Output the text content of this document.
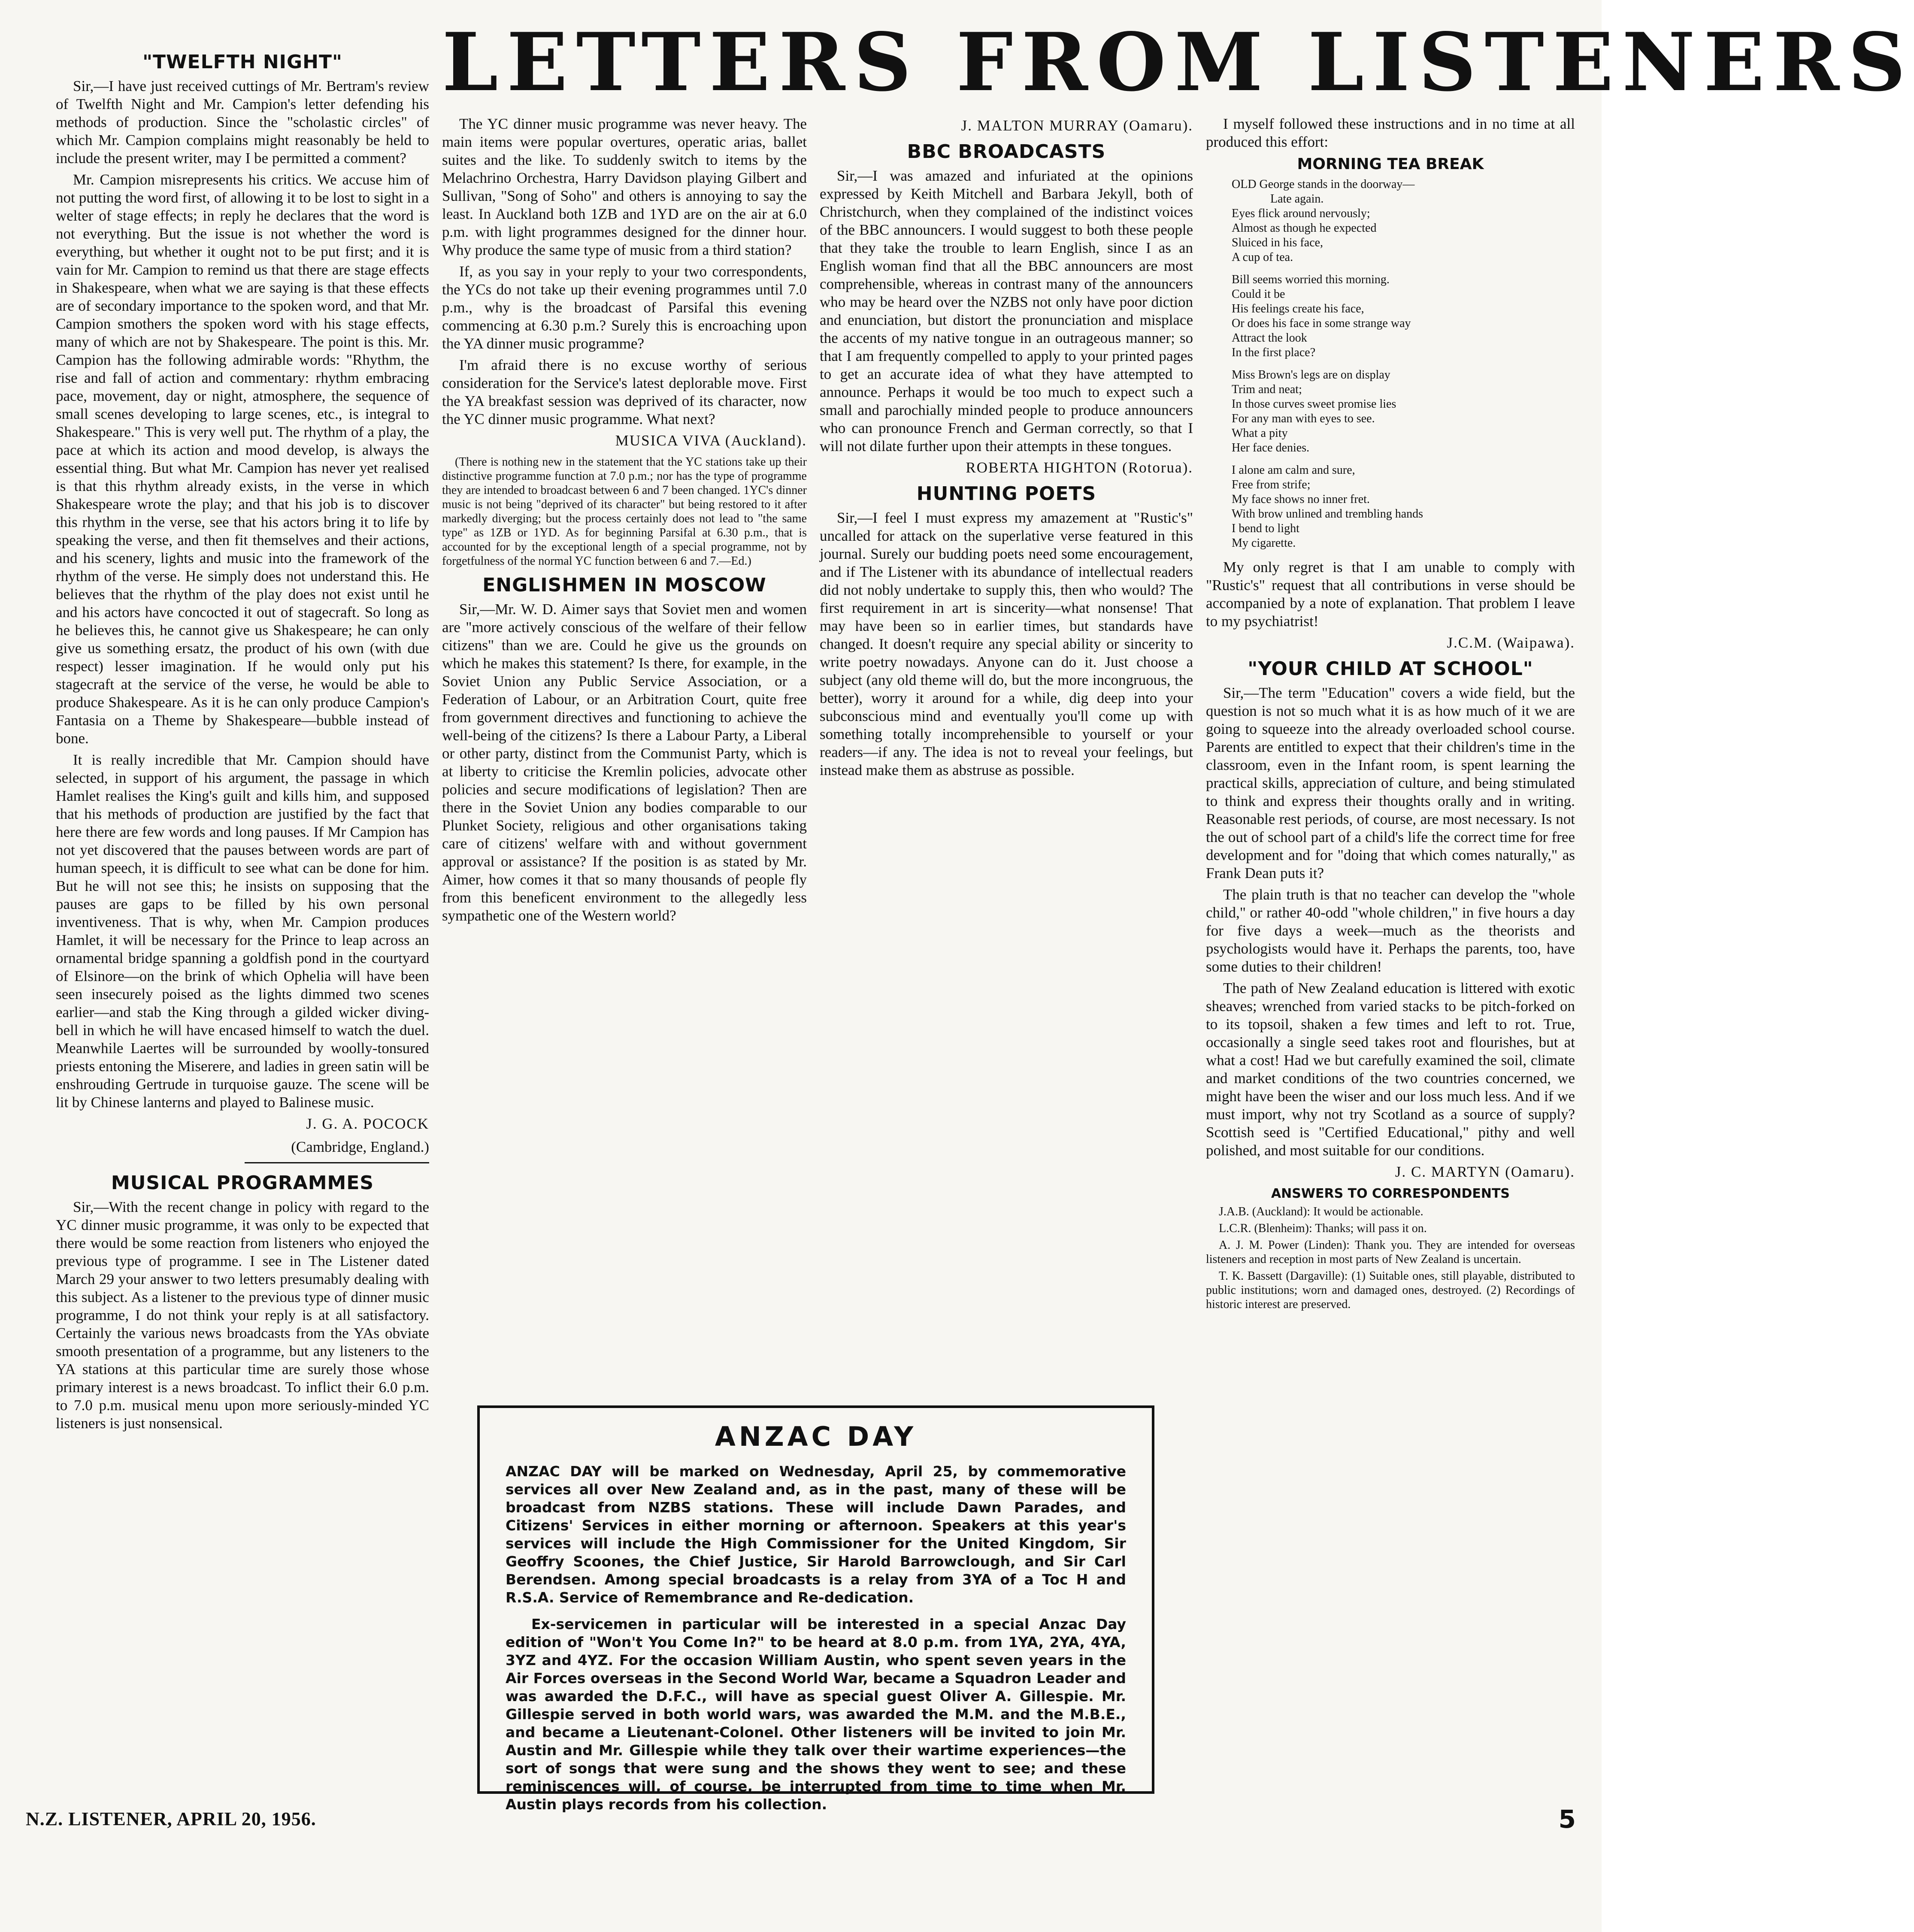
LETTERS FROM LISTENERS
"TWELFTH NIGHT"

Sir,—I have just received cuttings of Mr. Bertram's review of Twelfth Night and Mr. Campion's letter defending his methods of production. Since the "scholastic circles" of which Mr. Campion complains might reasonably be held to include the present writer, may I be permitted a comment?

Mr. Campion misrepresents his critics. We accuse him of not putting the word first, of allowing it to be lost to sight in a welter of stage effects; in reply he declares that the word is not everything. But the issue is not whether the word is everything, but whether it ought not to be put first; and it is vain for Mr. Campion to remind us that there are stage effects in Shakespeare, when what we are saying is that these effects are of secondary importance to the spoken word, and that Mr. Campion smothers the spoken word with his stage effects, many of which are not by Shakespeare. The point is this. Mr. Campion has the following admirable words: "Rhythm, the rise and fall of action and commentary: rhythm embracing pace, movement, day or night, atmosphere, the sequence of small scenes developing to large scenes, etc., is integral to Shakespeare." This is very well put. The rhythm of a play, the pace at which its action and mood develop, is always the essential thing. But what Mr. Campion has never yet realised is that this rhythm already exists, in the verse in which Shakespeare wrote the play; and that his job is to discover this rhythm in the verse, see that his actors bring it to life by speaking the verse, and then fit themselves and their actions, and his scenery, lights and music into the framework of the rhythm of the verse. He simply does not understand this. He believes that the rhythm of the play does not exist until he and his actors have concocted it out of stagecraft. So long as he believes this, he cannot give us Shakespeare; he can only give us something ersatz, the product of his own (with due respect) lesser imagination. If he would only put his stagecraft at the service of the verse, he would be able to produce Shakespeare. As it is he can only produce Campion's Fantasia on a Theme by Shakespeare—bubble instead of bone.

It is really incredible that Mr. Campion should have selected, in support of his argument, the passage in which Hamlet realises the King's guilt and kills him, and supposed that his methods of production are justified by the fact that here there are few words and long pauses. If Mr Campion has not yet discovered that the pauses between words are part of human speech, it is difficult to see what can be done for him. But he will not see this; he insists on supposing that the pauses are gaps to be filled by his own personal inventiveness. That is why, when Mr. Campion produces Hamlet, it will be necessary for the Prince to leap across an ornamental bridge spanning a goldfish pond in the courtyard of Elsinore—on the brink of which Ophelia will have been seen insecurely poised as the lights dimmed two scenes earlier—and stab the King through a gilded wicker diving-bell in which he will have encased himself to watch the duel. Meanwhile Laertes will be surrounded by woolly-tonsured priests entoning the Miserere, and ladies in green satin will be enshrouding Gertrude in turquoise gauze. The scene will be lit by Chinese lanterns and played to Balinese music.

J. G. A. POCOCK
(Cambridge, England.)
MUSICAL PROGRAMMES

Sir,—With the recent change in policy with regard to the YC dinner music programme, it was only to be expected that there would be some reaction from listeners who enjoyed the previous type of programme. I see in The Listener dated March 29 your answer to two letters presumably dealing with this subject. As a listener to the previous type of dinner music programme, I do not think your reply is at all satisfactory. Certainly the various news broadcasts from the YAs obviate smooth presentation of a programme, but any listeners to the YA stations at this particular time are surely those whose primary interest is a news broadcast. To inflict their 6.0 p.m. to 7.0 p.m. musical menu upon more seriously-minded YC listeners is just nonsensical.

The YC dinner music programme was never heavy. The main items were popular overtures, operatic arias, ballet suites and the like. To suddenly switch to items by the Melachrino Orchestra, Harry Davidson playing Gilbert and Sullivan, "Song of Soho" and others is annoying to say the least. In Auckland both 1ZB and 1YD are on the air at 6.0 p.m. with light programmes designed for the dinner hour. Why produce the same type of music from a third station?

If, as you say in your reply to your two correspondents, the YCs do not take up their evening programmes until 7.0 p.m., why is the broadcast of Parsifal this evening commencing at 6.30 p.m.? Surely this is encroaching upon the YA dinner music programme?

I'm afraid there is no excuse worthy of serious consideration for the Service's latest deplorable move. First the YA breakfast session was deprived of its character, now the YC dinner music programme. What next?

MUSICA VIVA (Auckland).

(There is nothing new in the statement that the YC stations take up their distinctive programme function at 7.0 p.m.; nor has the type of programme they are intended to broadcast between 6 and 7 been changed. 1YC's dinner music is not being "deprived of its character" but being restored to it after markedly diverging; but the process certainly does not lead to "the same type" as 1ZB or 1YD. As for beginning Parsifal at 6.30 p.m., that is accounted for by the exceptional length of a special programme, not by forgetfulness of the normal YC function between 6 and 7.—Ed.)

ENGLISHMEN IN MOSCOW

Sir,—Mr. W. D. Aimer says that Soviet men and women are "more actively conscious of the welfare of their fellow citizens" than we are. Could he give us the grounds on which he makes this statement? Is there, for example, in the Soviet Union any Public Service Association, or a Federation of Labour, or an Arbitration Court, quite free from government directives and functioning to achieve the well-being of the citizens? Is there a Labour Party, a Liberal or other party, distinct from the Communist Party, which is at liberty to criticise the Kremlin policies, advocate other policies and secure modifications of legislation? Then are there in the Soviet Union any bodies comparable to our Plunket Society, religious and other organisations taking care of citizens' welfare with and without government approval or assistance? If the position is as stated by Mr. Aimer, how comes it that so many thousands of people fly from this beneficent environment to the allegedly less sympathetic one of the Western world?

J. MALTON MURRAY (Oamaru).
BBC BROADCASTS

Sir,—I was amazed and infuriated at the opinions expressed by Keith Mitchell and Barbara Jekyll, both of Christchurch, when they complained of the indistinct voices of the BBC announcers. I would suggest to both these people that they take the trouble to learn English, since I as an English woman find that all the BBC announcers are most comprehensible, whereas in contrast many of the announcers who may be heard over the NZBS not only have poor diction and enunciation, but distort the pronunciation and misplace the accents of my native tongue in an outrageous manner; so that I am frequently compelled to apply to your printed pages to get an accurate idea of what they have attempted to announce. Perhaps it would be too much to expect such a small and parochially minded people to produce announcers who can pronounce French and German correctly, so that I will not dilate further upon their attempts in these tongues.

ROBERTA HIGHTON (Rotorua).
HUNTING POETS

Sir,—I feel I must express my amazement at "Rustic's" uncalled for attack on the superlative verse featured in this journal. Surely our budding poets need some encouragement, and if The Listener with its abundance of intellectual readers did not nobly undertake to supply this, then who would? The first requirement in art is sincerity—what nonsense! That may have been so in earlier times, but standards have changed. It doesn't require any special ability or sincerity to write poetry nowadays. Anyone can do it. Just choose a subject (any old theme will do, but the more incongruous, the better), worry it around for a while, dig deep into your subconscious mind and eventually you'll come up with something totally incomprehensible to yourself or your readers—if any. The idea is not to reveal your feelings, but instead make them as abstruse as possible.

I myself followed these instructions and in no time at all produced this effort:

MORNING TEA BREAK
OLD George stands in the doorway—
Late again.
Eyes flick around nervously;
Almost as though he expected
Sluiced in his face,
A cup of tea.
Bill seems worried this morning.
Could it be
His feelings create his face,
Or does his face in some strange way
Attract the look
In the first place?
Miss Brown's legs are on display
Trim and neat;
In those curves sweet promise lies
For any man with eyes to see.
What a pity
Her face denies.
I alone am calm and sure,
Free from strife;
My face shows no inner fret.
With brow unlined and trembling hands
I bend to light
My cigarette.

My only regret is that I am unable to comply with "Rustic's" request that all contributions in verse should be accompanied by a note of explanation. That problem I leave to my psychiatrist!

J.C.M. (Waipawa).
"YOUR CHILD AT SCHOOL"

Sir,—The term "Education" covers a wide field, but the question is not so much what it is as how much of it we are going to squeeze into the already overloaded school course. Parents are entitled to expect that their children's time in the classroom, even in the Infant room, is spent learning the practical skills, appreciation of culture, and being stimulated to think and express their thoughts orally and in writing. Reasonable rest periods, of course, are most necessary. Is not the out of school part of a child's life the correct time for free development and for "doing that which comes naturally," as Frank Dean puts it?

The plain truth is that no teacher can develop the "whole child," or rather 40-odd "whole children," in five hours a day for five days a week—much as the theorists and psychologists would have it. Perhaps the parents, too, have some duties to their children!

The path of New Zealand education is littered with exotic sheaves; wrenched from varied stacks to be pitch-forked on to its topsoil, shaken a few times and left to rot. True, occasionally a single seed takes root and flourishes, but at what a cost! Had we but carefully examined the soil, climate and market conditions of the two countries concerned, we might have been the wiser and our loss much less. And if we must import, why not try Scotland as a source of supply? Scottish seed is "Certified Educational," pithy and well polished, and most suitable for our conditions.

J. C. MARTYN (Oamaru).
ANSWERS TO CORRESPONDENTS

J.A.B. (Auckland): It would be actionable.

L.C.R. (Blenheim): Thanks; will pass it on.

A. J. M. Power (Linden): Thank you. They are intended for overseas listeners and reception in most parts of New Zealand is uncertain.

T. K. Bassett (Dargaville): (1) Suitable ones, still playable, distributed to public institutions; worn and damaged ones, destroyed. (2) Recordings of historic interest are preserved.

ANZAC DAY

ANZAC DAY will be marked on Wednesday, April 25, by commemorative services all over New Zealand and, as in the past, many of these will be broadcast from NZBS stations. These will include Dawn Parades, and Citizens' Services in either morning or afternoon. Speakers at this year's services will include the High Commissioner for the United Kingdom, Sir Geoffry Scoones, the Chief Justice, Sir Harold Barrowclough, and Sir Carl Berendsen. Among special broadcasts is a relay from 3YA of a Toc H and R.S.A. Service of Remembrance and Re-dedication.

Ex-servicemen in particular will be interested in a special Anzac Day edition of "Won't You Come In?" to be heard at 8.0 p.m. from 1YA, 2YA, 4YA, 3YZ and 4YZ. For the occasion William Austin, who spent seven years in the Air Forces overseas in the Second World War, became a Squadron Leader and was awarded the D.F.C., will have as special guest Oliver A. Gillespie. Mr. Gillespie served in both world wars, was awarded the M.M. and the M.B.E., and became a Lieutenant-Colonel. Other listeners will be invited to join Mr. Austin and Mr. Gillespie while they talk over their wartime experiences—the sort of songs that were sung and the shows they went to see; and these reminiscences will, of course, be interrupted from time to time when Mr. Austin plays records from his collection.

N.Z. LISTENER, APRIL 20, 1956.	5
